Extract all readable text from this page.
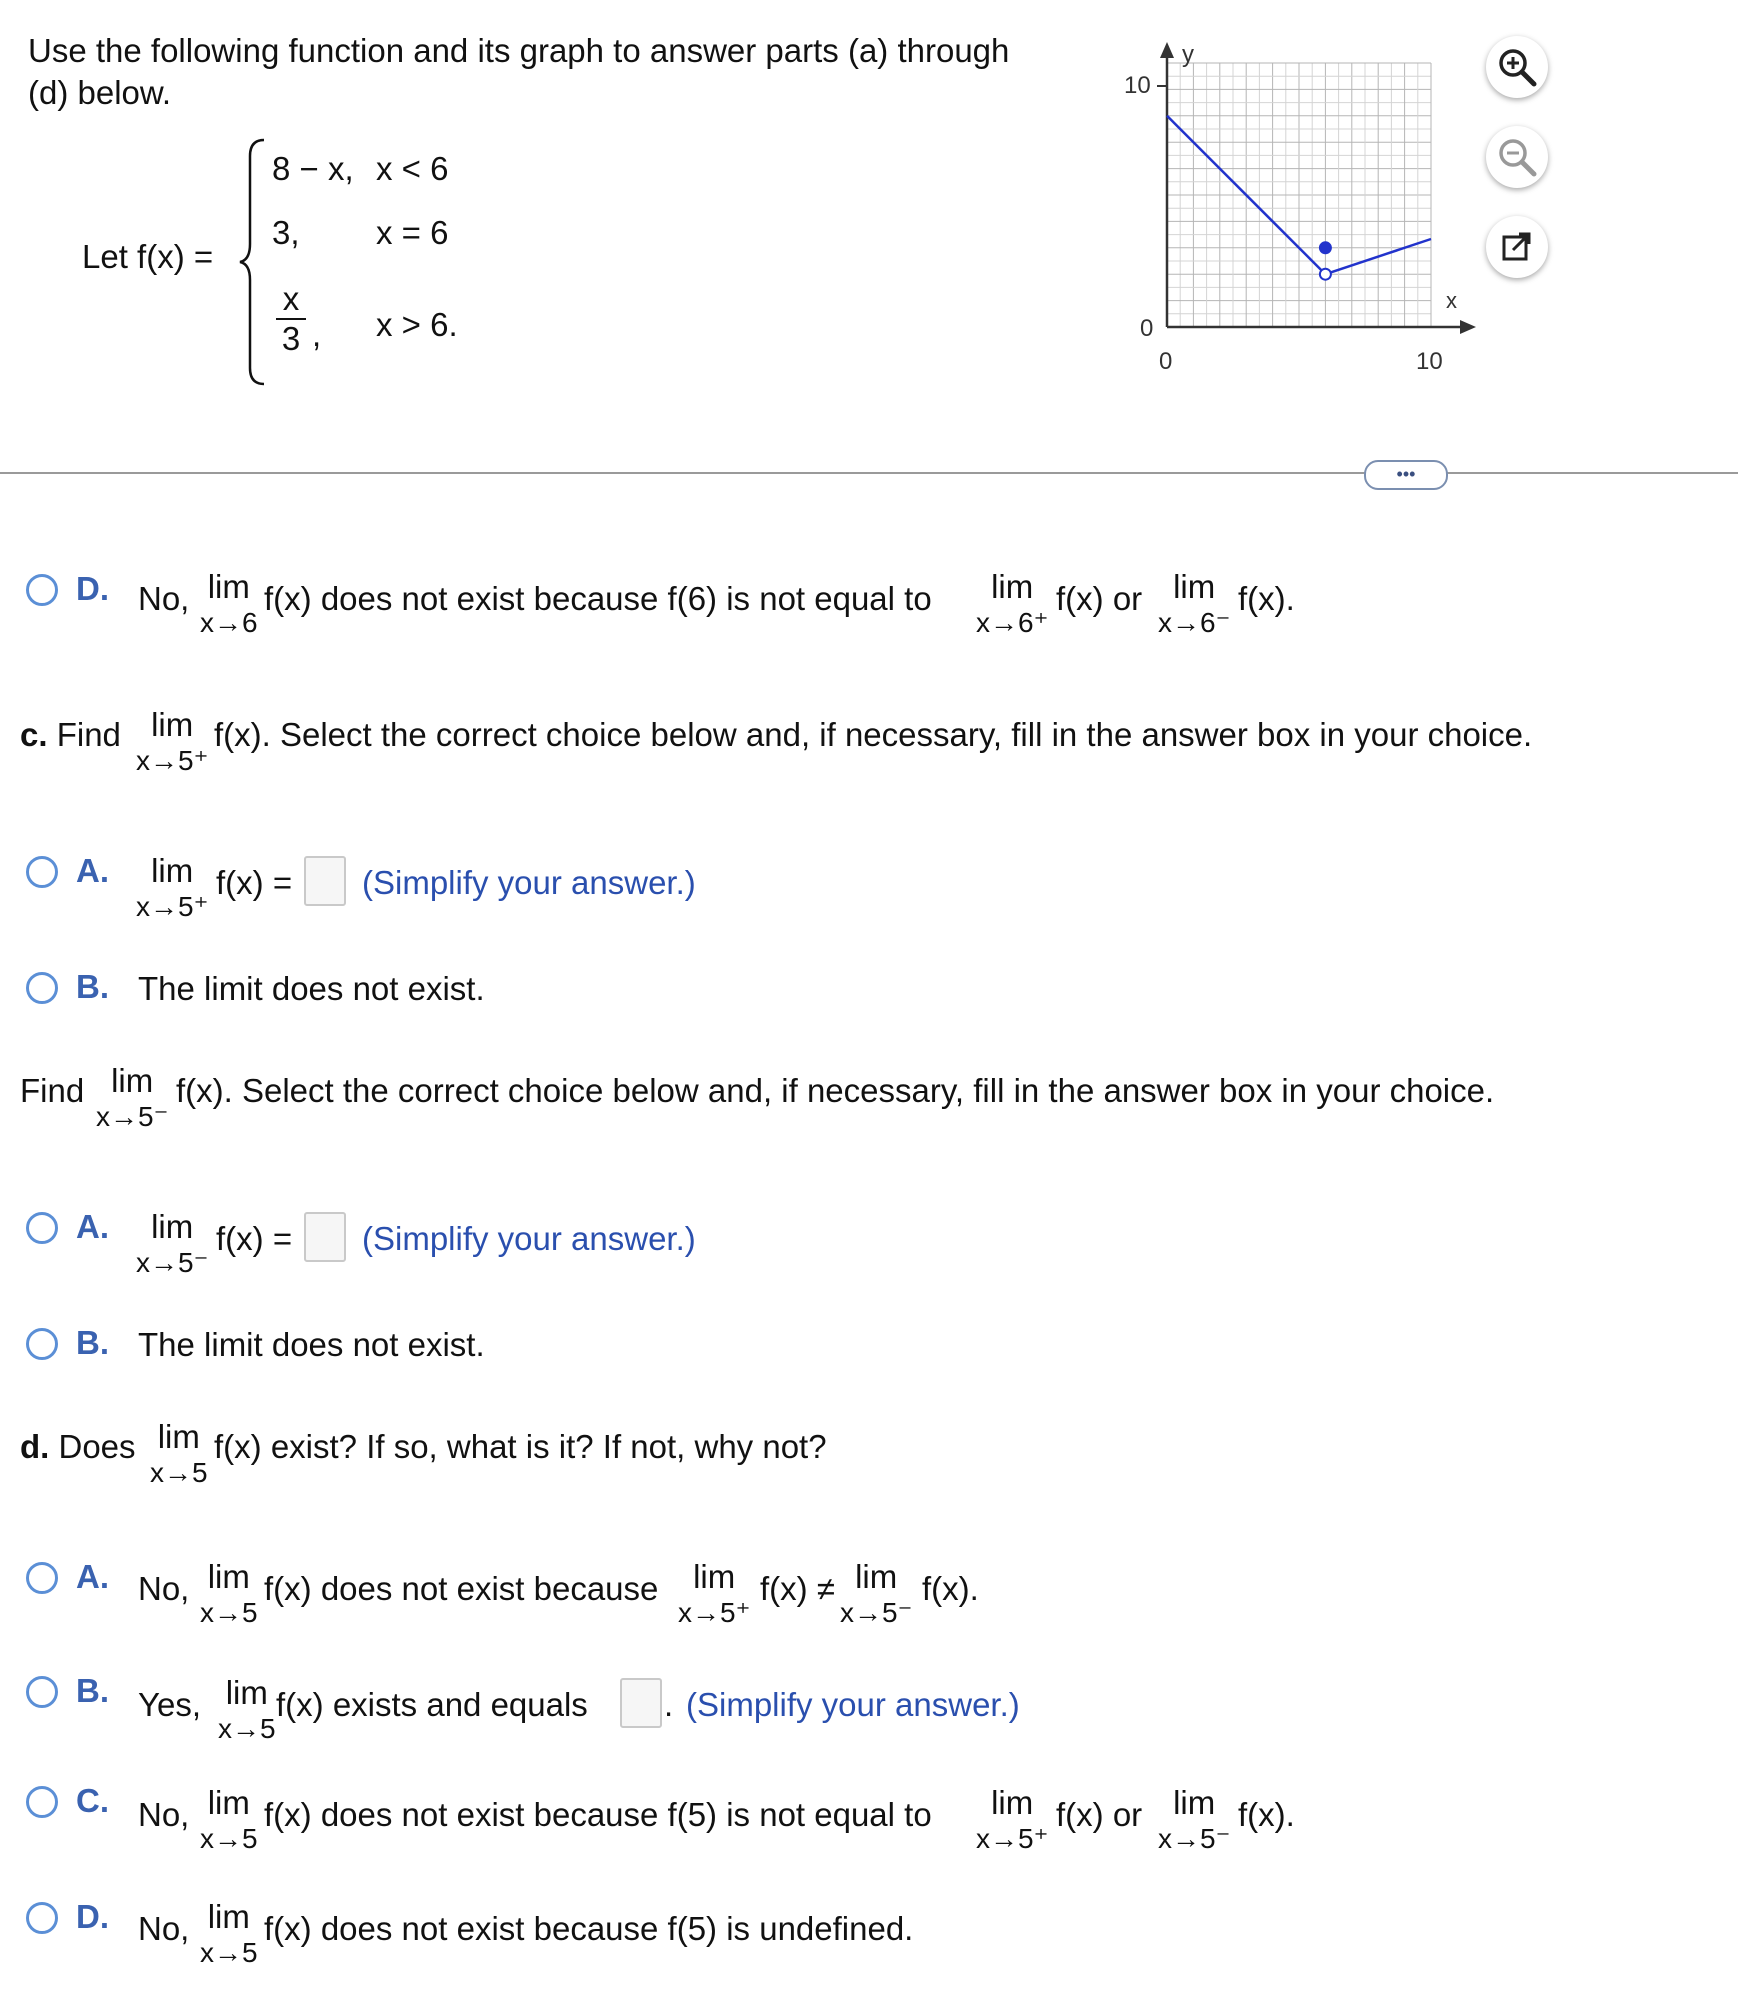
Use the following function and its graph to answer parts (a) through
(d) below.
Let f(x) =
8 − x, x < 6
3, x = 6
x
3 , x > 6.
y
x
10
0
0	10
•••
D. No, lim
x→6
f(x) does not exist because f(6) is not equal to	lim
x→6⁺
f(x) or lim
x→6⁻
f(x).
c. Find lim
x→5⁺
f(x). Select the correct choice below and, if necessary, fill in the answer box in your choice.
A.	lim
x→5⁺
f(x) = (Simplify your answer.)
B. The limit does not exist.
Find lim
x→5⁻
f(x). Select the correct choice below and, if necessary, fill in the answer box in your choice.
A.	lim
x→5⁻
f(x) = (Simplify your answer.)
B. The limit does not exist.
d. Does lim
x→5
f(x) exist? If so, what is it? If not, why not?
A. No, lim
x→5
f(x) does not exist because	lim
x→5⁺
f(x) ≠ lim
x→5⁻
f(x).
B. Yes, lim
x→5
f(x) exists and equals . (Simplify your answer.)
C. No, lim
x→5
f(x) does not exist because f(5) is not equal to	lim
x→5⁺
f(x) or lim
x→5⁻
f(x).
D. No, lim
x→5
f(x) does not exist because f(5) is undefined.
